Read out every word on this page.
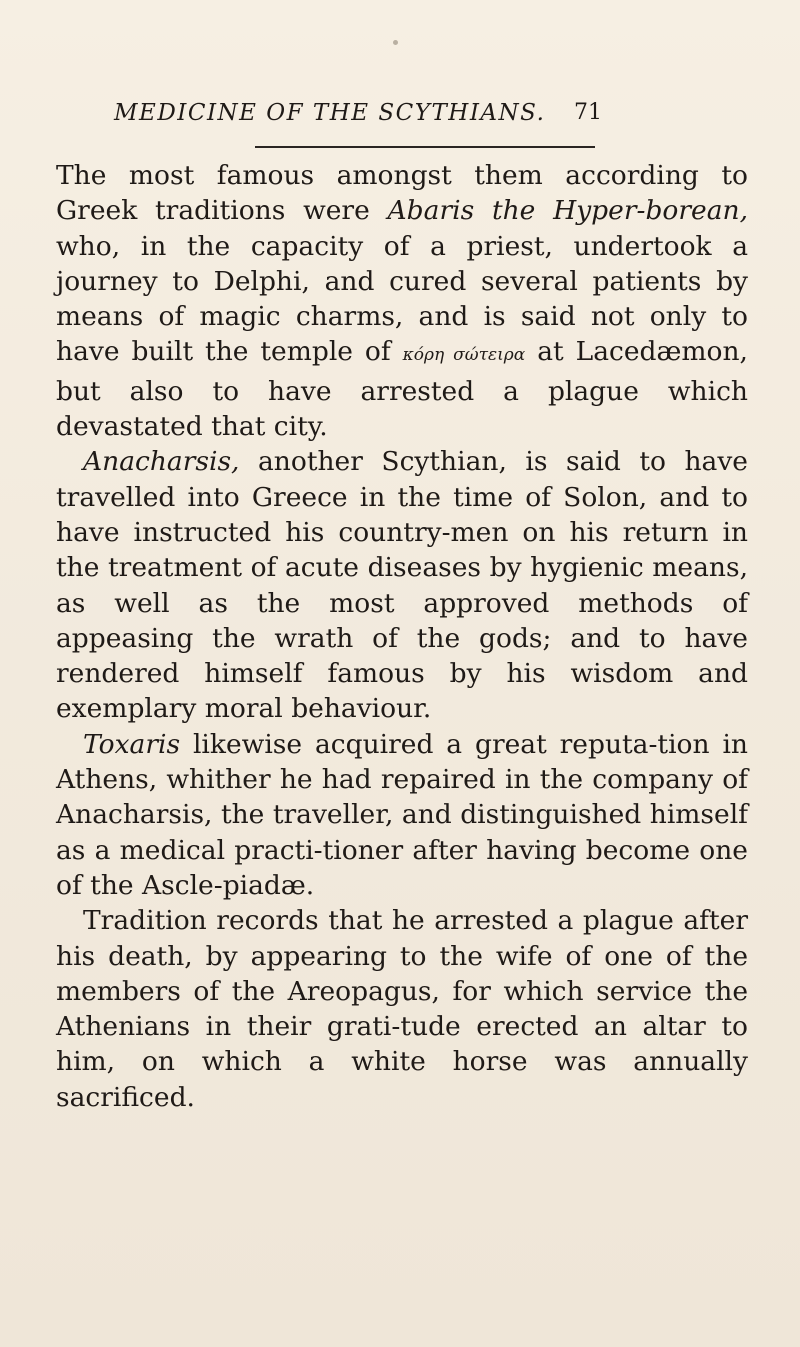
MEDICINE OF THE SCYTHIANS. 71

The most famous amongst them according to Greek traditions were Abaris the Hyper-borean, who, in the capacity of a priest, undertook a journey to Delphi, and cured several patients by means of magic charms, and is said not only to have built the temple of κόρη σώτειρα at Lacedæmon, but also to have arrested a plague which devastated that city.

Anacharsis, another Scythian, is said to have travelled into Greece in the time of Solon, and to have instructed his country-men on his return in the treatment of acute diseases by hygienic means, as well as the most approved methods of appeasing the wrath of the gods; and to have rendered himself famous by his wisdom and exemplary moral behaviour.

Toxaris likewise acquired a great reputa-tion in Athens, whither he had repaired in the company of Anacharsis, the traveller, and distinguished himself as a medical practi-tioner after having become one of the Ascle-piadæ.

Tradition records that he arrested a plague after his death, by appearing to the wife of one of the members of the Areopagus, for which service the Athenians in their grati-tude erected an altar to him, on which a white horse was annually sacrificed.
